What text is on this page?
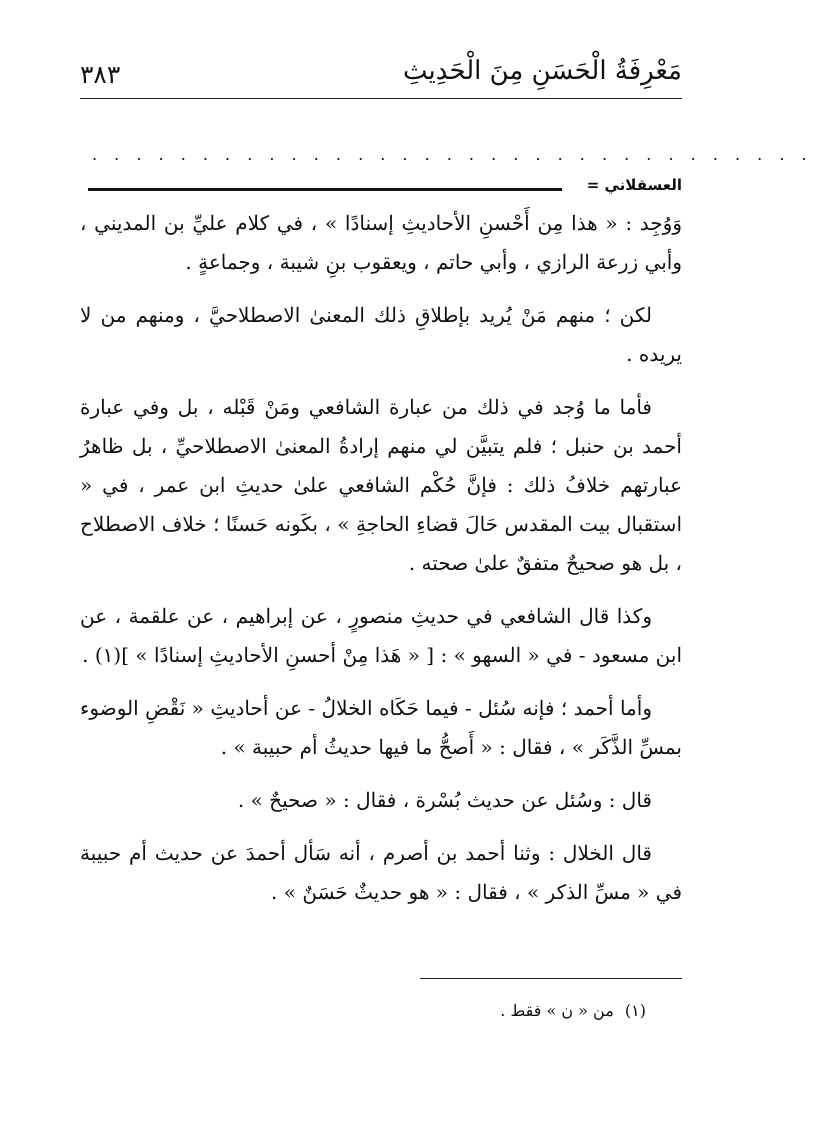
٣٨٣	مَعْرِفَةُ الْحَسَنِ مِنَ الْحَدِيثِ
. . . . . . . . . . . . . . . . . . . . . . . . . . . . . . . . .
العسقلاني =

وَوُجِد : « هذا مِن أَحْسنِ الأحاديثِ إسنادًا » ، في كلام عليِّ بن المديني ، وأبي زرعة الرازي ، وأبي حاتم ، ويعقوب بنِ شيبة ، وجماعةٍ .

لكن ؛ منهم مَنْ يُريد بإطلاقِ ذلك المعنىٰ الاصطلاحيَّ ، ومنهم من لا يريده .

فأما ما وُجد في ذلك من عبارة الشافعي ومَنْ قَبْله ، بل وفي عبارة أحمد بن حنبل ؛ فلم يتبيَّن لي منهم إرادةُ المعنىٰ الاصطلاحيِّ ، بل ظاهرُ عبارتهم خلافُ ذلك : فإنَّ حُكْم الشافعي علىٰ حديثِ ابن عمر ، في « استقبال بيت المقدس حَالَ قضاءِ الحاجةِ » ، بكَونه حَسنًا ؛ خلاف الاصطلاح ، بل هو صحيحٌ متفقٌ علىٰ صحته .

وكذا قال الشافعي في حديثِ منصورٍ ، عن إبراهيم ، عن علقمة ، عن ابن مسعود - في « السهو » : [ « هَذا مِنْ أحسنِ الأحاديثِ إسنادًا » ](١) .

وأما أحمد ؛ فإنه سُئل - فيما حَكَاه الخلالُ - عن أحاديثِ « نَقْضِ الوضوء بمسِّ الذَّكَر » ، فقال : « أَصحُّ ما فيها حديثُ أم حبيبة » .

قال : وسُئل عن حديث بُسْرة ، فقال : « صحيحٌ » .

قال الخلال : وثنا أحمد بن أصرم ، أنه سَأل أحمدَ عن حديث أم حبيبة في « مسِّ الذكر » ، فقال : « هو حديثٌ حَسَنٌ » .

(١) من « ن » فقط .
